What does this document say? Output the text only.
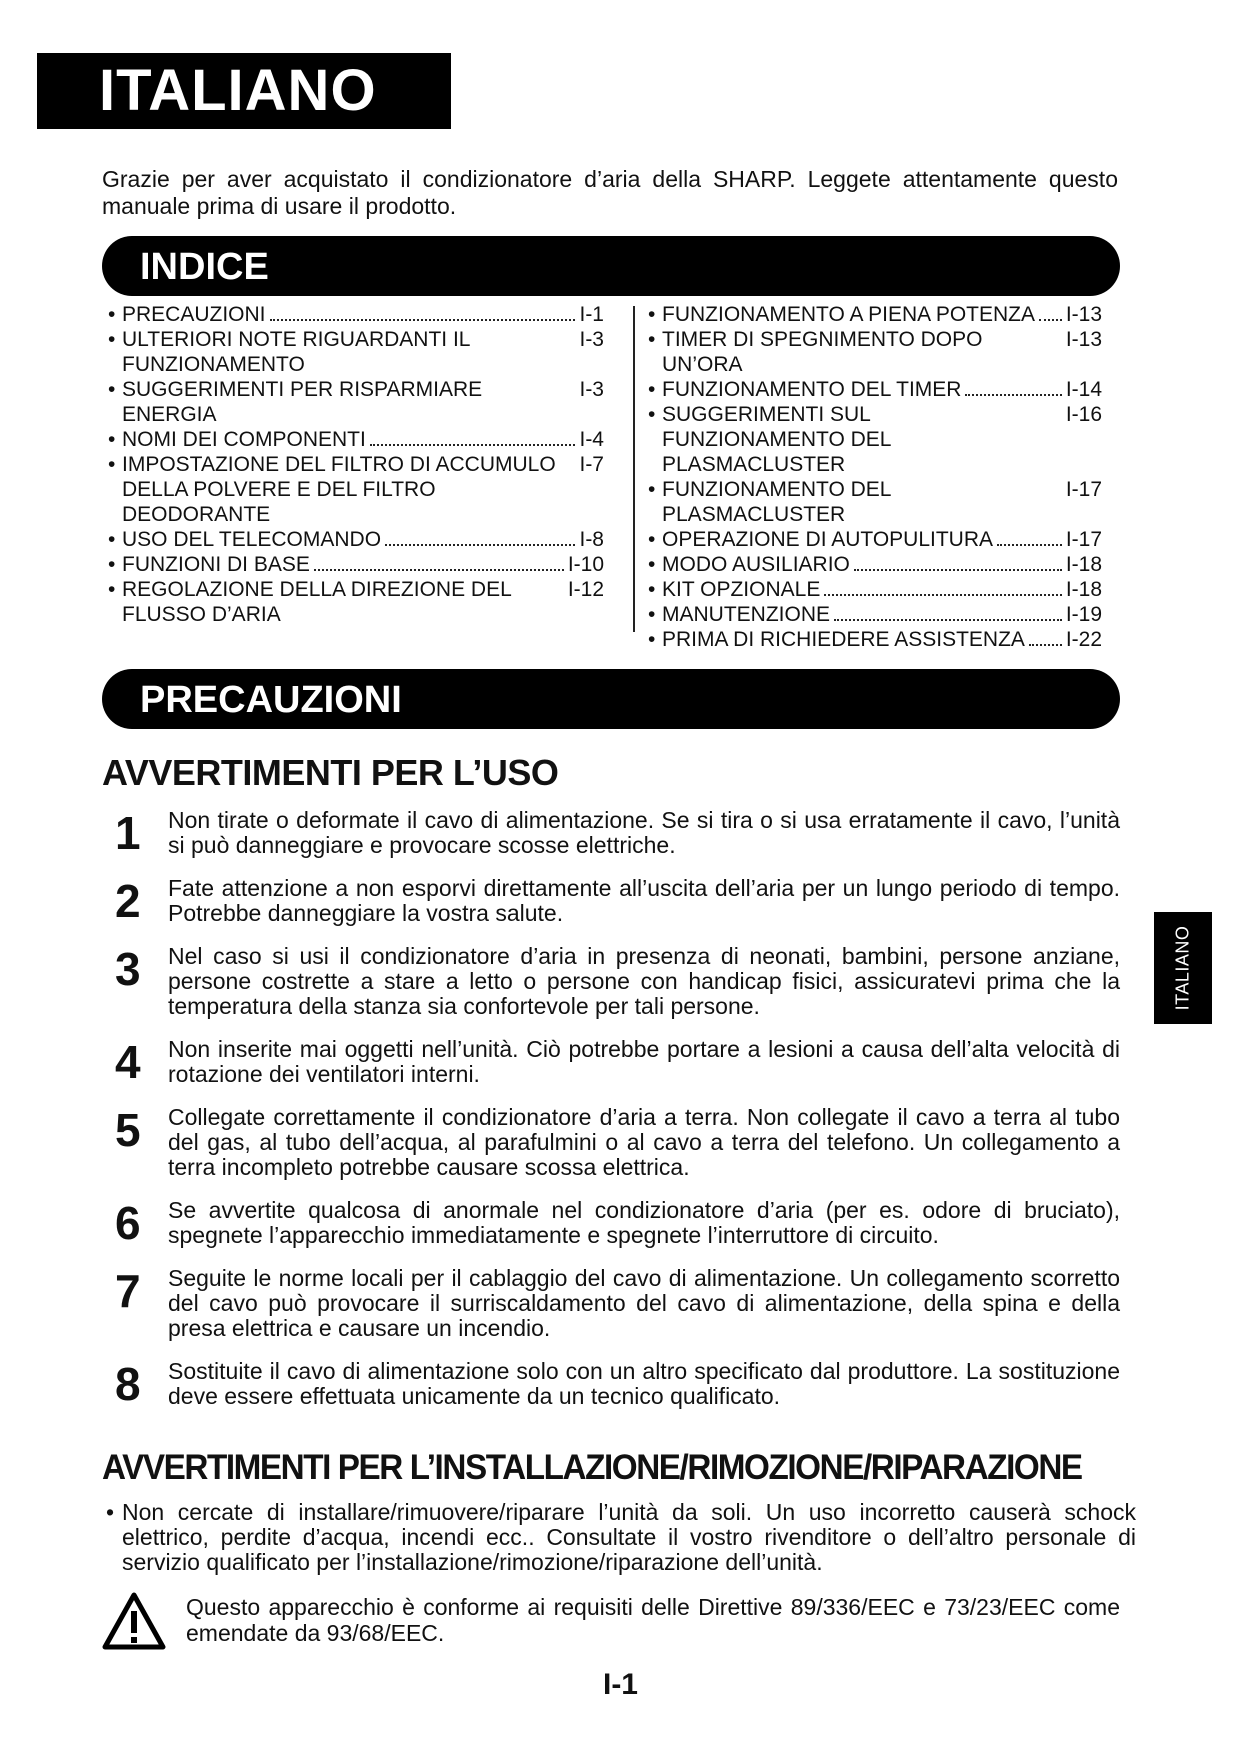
ITALIANO
Grazie per aver acquistato il condizionatore d’aria della SHARP. Leggete attentamente questo manuale prima di usare il prodotto.
INDICE
• PRECAUZIONI	I-1
• ULTERIORI NOTE RIGUARDANTI IL FUNZIONAMENTO
I-3
• SUGGERIMENTI PER RISPARMIARE ENERGIA
I-3
• NOMI DEI COMPONENTI	I-4
• IMPOSTAZIONE DEL FILTRO DI ACCUMULO DELLA POLVERE E DEL FILTRO DEODORANTE
I-7
• USO DEL TELECOMANDO	I-8
• FUNZIONI DI BASE	I-10
• REGOLAZIONE DELLA DIREZIONE DEL FLUSSO D’ARIA
I-12
• FUNZIONAMENTO A PIENA POTENZA I-13
• TIMER DI SPEGNIMENTO DOPO UN’ORA
I-13
• FUNZIONAMENTO DEL TIMER	I-14
• SUGGERIMENTI SUL FUNZIONAMENTO DEL PLASMACLUSTER
I-16
• FUNZIONAMENTO DEL PLASMACLUSTER
I-17
• OPERAZIONE DI AUTOPULITURA	I-17
• MODO AUSILIARIO	I-18
• KIT OPZIONALE	I-18
• MANUTENZIONE	I-19
• PRIMA DI RICHIEDERE ASSISTENZA I-22
PRECAUZIONI
AVVERTIMENTI PER L’USO
1 Non tirate o deformate il cavo di alimentazione. Se si tira o si usa erratamente il cavo, l’unità si può danneggiare e provocare scosse elettriche.
2 Fate attenzione a non esporvi direttamente all’uscita dell’aria per un lungo periodo di tempo. Potrebbe danneggiare la vostra salute.
3 Nel caso si usi il condizionatore d’aria in presenza di neonati, bambini, persone anziane, persone costrette a stare a letto o persone con handicap fisici, assicuratevi prima che la temperatura della stanza sia confortevole per tali persone.
4 Non inserite mai oggetti nell’unità. Ciò potrebbe portare a lesioni a causa dell’alta velocità di rotazione dei ventilatori interni.
5 Collegate correttamente il condizionatore d’aria a terra. Non collegate il cavo a terra al tubo del gas, al tubo dell’acqua, al parafulmini o al cavo a terra del telefono. Un collegamento a terra incompleto potrebbe causare scossa elettrica.
6 Se avvertite qualcosa di anormale nel condizionatore d’aria (per es. odore di bruciato), spegnete l’apparecchio immediatamente e spegnete l’interruttore di circuito.
7 Seguite le norme locali per il cablaggio del cavo di alimentazione. Un collegamento scorretto del cavo può provocare il surriscaldamento del cavo di alimentazione, della spina e della presa elettrica e causare un incendio.
8 Sostituite il cavo di alimentazione solo con un altro specificato dal produttore. La sostituzione deve essere effettuata unicamente da un tecnico qualificato.
AVVERTIMENTI PER L’INSTALLAZIONE/RIMOZIONE/RIPARAZIONE
• Non cercate di installare/rimuovere/riparare l’unità da soli. Un uso incorretto causerà schock elettrico, perdite d’acqua, incendi ecc.. Consultate il vostro rivenditore o dell’altro personale di servizio qualificato per l’installazione/rimozione/riparazione dell’unità.
Questo apparecchio è conforme ai requisiti delle Direttive 89/336/EEC e 73/23/EEC come emendate da 93/68/EEC.
I-1
ITALIANO
